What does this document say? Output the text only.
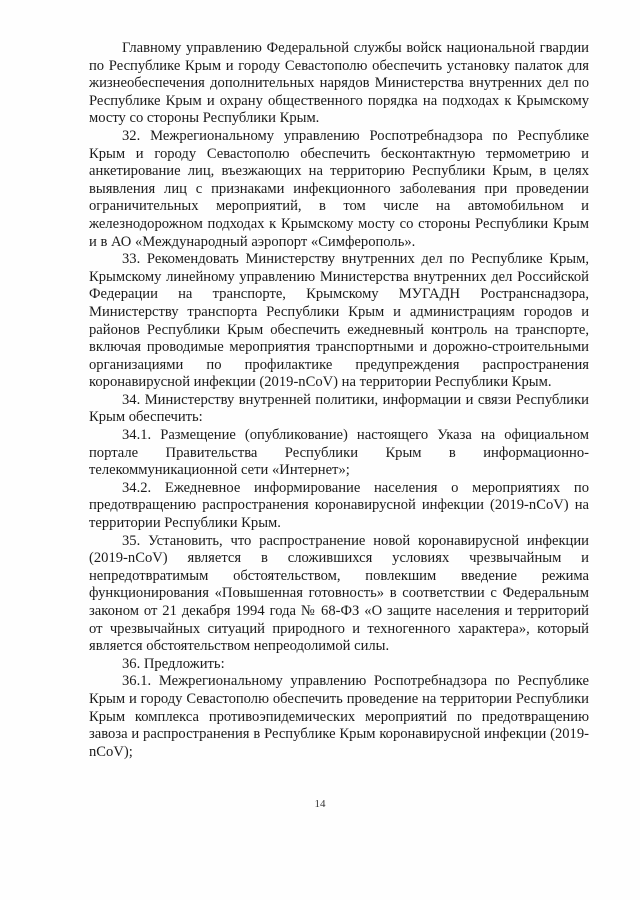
Главному управлению Федеральной службы войск национальной гвардии по Республике Крым и городу Севастополю обеспечить установку палаток для жизнеобеспечения дополнительных нарядов Министерства внутренних дел по Республике Крым и охрану общественного порядка на подходах к Крымскому мосту со стороны Республики Крым.

32. Межрегиональному управлению Роспотребнадзора по Республике Крым и городу Севастополю обеспечить бесконтактную термометрию и анкетирование лиц, въезжающих на территорию Республики Крым, в целях выявления лиц с признаками инфекционного заболевания при проведении ограничительных мероприятий, в том числе на автомобильном и железнодорожном подходах к Крымскому мосту со стороны Республики Крым и в АО «Международный аэропорт «Симферополь».

33. Рекомендовать Министерству внутренних дел по Республике Крым, Крымскому линейному управлению Министерства внутренних дел Российской Федерации на транспорте, Крымскому МУГАДН Ространснадзора, Министерству транспорта Республики Крым и администрациям городов и районов Республики Крым обеспечить ежедневный контроль на транспорте, включая проводимые мероприятия транспортными и дорожно-строительными организациями по профилактике предупреждения распространения коронавирусной инфекции (2019-nCoV) на территории Республики Крым.

34. Министерству внутренней политики, информации и связи Республики Крым обеспечить:

34.1. Размещение (опубликование) настоящего Указа на официальном портале Правительства Республики Крым в информационно-телекоммуникационной сети «Интернет»;

34.2. Ежедневное информирование населения о мероприятиях по предотвращению распространения коронавирусной инфекции (2019-nCoV) на территории Республики Крым.

35. Установить, что распространение новой коронавирусной инфекции (2019-nCoV) является в сложившихся условиях чрезвычайным и непредотвратимым обстоятельством, повлекшим введение режима функционирования «Повышенная готовность» в соответствии с Федеральным законом от 21 декабря 1994 года № 68-ФЗ «О защите населения и территорий от чрезвычайных ситуаций природного и техногенного характера», который является обстоятельством непреодолимой силы.

36. Предложить:

36.1. Межрегиональному управлению Роспотребнадзора по Республике Крым и городу Севастополю обеспечить проведение на территории Республики Крым комплекса противоэпидемических мероприятий по предотвращению завоза и распространения в Республике Крым коронавирусной инфекции (2019-nCoV);

14
